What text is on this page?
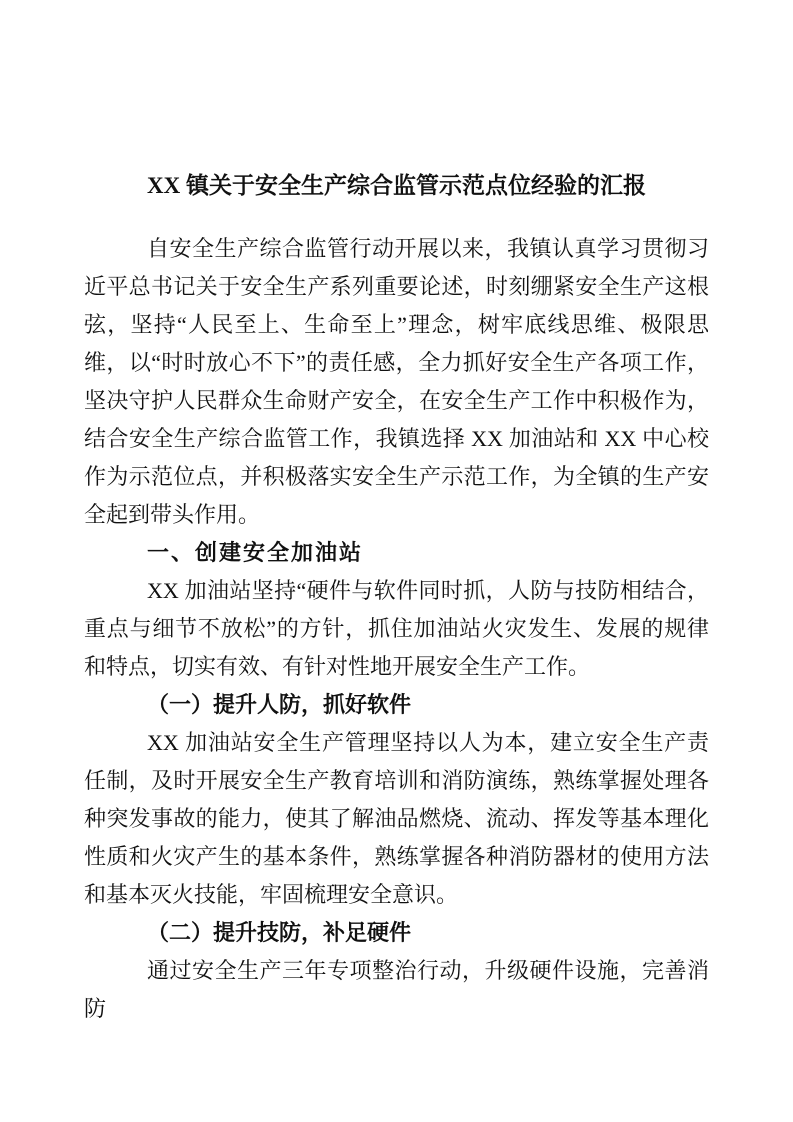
XX 镇关于安全生产综合监管示范点位经验的汇报

自安全生产综合监管行动开展以来，我镇认真学习贯彻习近平总书记关于安全生产系列重要论述，时刻绷紧安全生产这根弦，坚持“人民至上、生命至上”理念，树牢底线思维、极限思维，以“时时放心不下”的责任感，全力抓好安全生产各项工作，坚决守护人民群众生命财产安全，在安全生产工作中积极作为，结合安全生产综合监管工作，我镇选择 XX 加油站和 XX 中心校作为示范位点，并积极落实安全生产示范工作，为全镇的生产安全起到带头作用。

一、创建安全加油站

XX 加油站坚持“硬件与软件同时抓，人防与技防相结合，重点与细节不放松”的方针，抓住加油站火灾发生、发展的规律和特点，切实有效、有针对性地开展安全生产工作。

（一）提升人防，抓好软件

XX 加油站安全生产管理坚持以人为本，建立安全生产责任制，及时开展安全生产教育培训和消防演练，熟练掌握处理各种突发事故的能力，使其了解油品燃烧、流动、挥发等基本理化性质和火灾产生的基本条件，熟练掌握各种消防器材的使用方法和基本灭火技能，牢固梳理安全意识。

（二）提升技防，补足硬件

通过安全生产三年专项整治行动，升级硬件设施，完善消防
